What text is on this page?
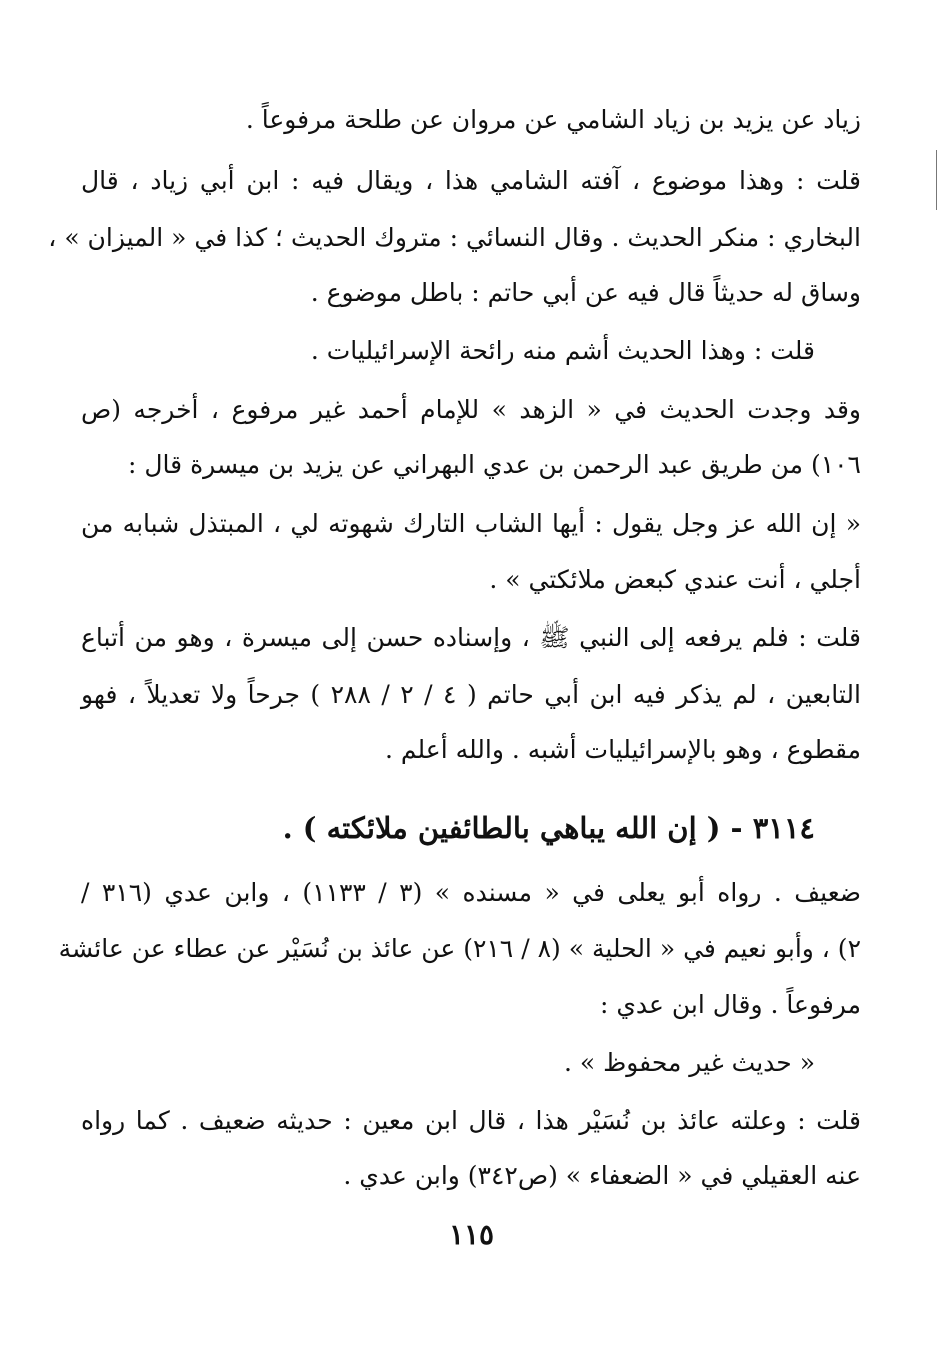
زياد عن يزيد بن زياد الشامي عن مروان عن طلحة مرفوعاً .
قلت : وهذا موضوع ، آفته الشامي هذا ، ويقال فيه : ابن أبي زياد ، قال
البخاري : منكر الحديث . وقال النسائي : متروك الحديث ؛ كذا في « الميزان » ،
وساق له حديثاً قال فيه عن أبي حاتم : باطل موضوع .
قلت : وهذا الحديث أشم منه رائحة الإسرائيليات .
وقد وجدت الحديث في « الزهد » للإمام أحمد غير مرفوع ، أخرجه (ص
١٠٦) من طريق عبد الرحمن بن عدي البهراني عن يزيد بن ميسرة قال :
« إن الله عز وجل يقول : أيها الشاب التارك شهوته لي ، المبتذل شبابه من
أجلي ، أنت عندي كبعض ملائكتي » .
قلت : فلم يرفعه إلى النبي ﷺ ، وإسناده حسن إلى ميسرة ، وهو من أتباع
التابعين ، لم يذكر فيه ابن أبي حاتم ( ٤ / ٢ / ٢٨٨ ) جرحاً ولا تعديلاً ، فهو
مقطوع ، وهو بالإسرائيليات أشبه . والله أعلم .
٣١١٤ - ( إن الله يباهي بالطائفين ملائكته ) .
ضعيف . رواه أبو يعلى في « مسنده » (٣ / ١١٣٣) ، وابن عدي (٣١٦ /
٢) ، وأبو نعيم في « الحلية » (٨ / ٢١٦) عن عائذ بن نُسَيْر عن عطاء عن عائشة
مرفوعاً . وقال ابن عدي :
« حديث غير محفوظ » .
قلت : وعلته عائذ بن نُسَيْر هذا ، قال ابن معين : حديثه ضعيف . كما رواه
عنه العقيلي في « الضعفاء » (ص٣٤٢) وابن عدي .
١١٥
